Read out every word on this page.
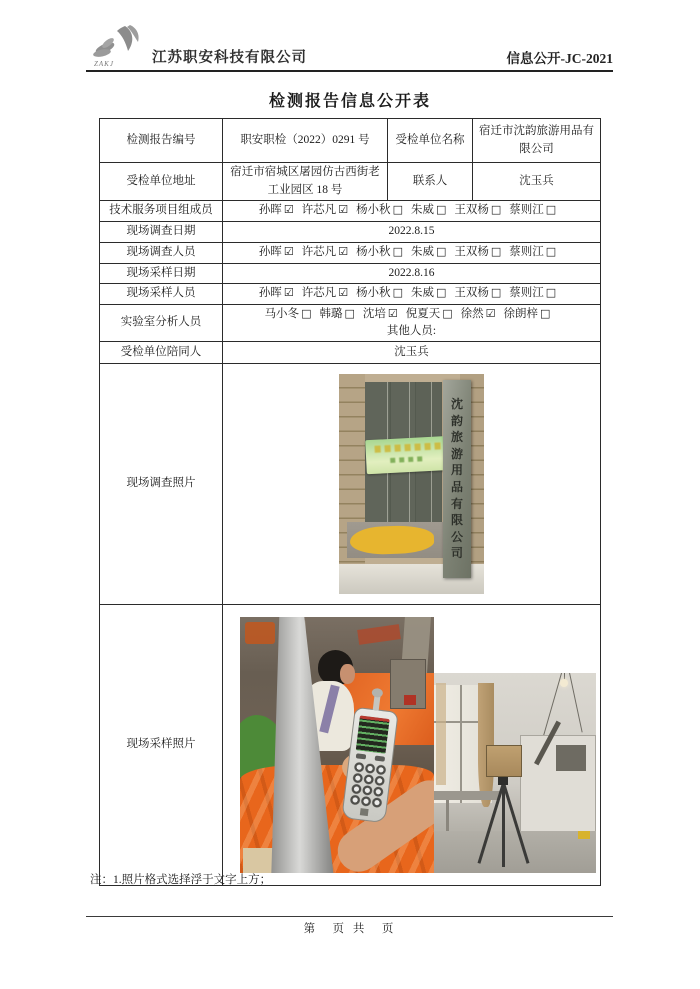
ZAKJ	江苏职安科技有限公司	信息公开-JC-2021
检测报告信息公开表
检测报告编号	职安职检（2022）0291 号	受检单位名称	宿迁市沈韵旅游用品有限公司
受检单位地址	宿迁市宿城区屠园仿古西街老工业园区 18 号	联系人	沈玉兵
技术服务项目组成员	孙晖 ☑ 许芯凡 ☑ 杨小秋 □ 朱威 □ 王双杨 □ 蔡则江 □		
现场调查日期	2022.8.15		
现场调查人员	孙晖 ☑ 许芯凡 ☑ 杨小秋 □ 朱威 □ 王双杨 □ 蔡则江 □		
现场采样日期	2022.8.16		
现场采样人员	孙晖 ☑ 许芯凡 ☑ 杨小秋 □ 朱威 □ 王双杨 □ 蔡则江 □		
实验室分析人员	马小冬 □ 韩璐 □ 沈培 ☑ 倪夏天 □ 徐然 ☑ 徐朗梓 □
其他人员:		

受检单位陪同人	沈玉兵		
现场调查照片	沈韵旅游用品有限公司		

现场采样照片			
注：1.照片格式选择浮于文字上方；
第　页 共　页
